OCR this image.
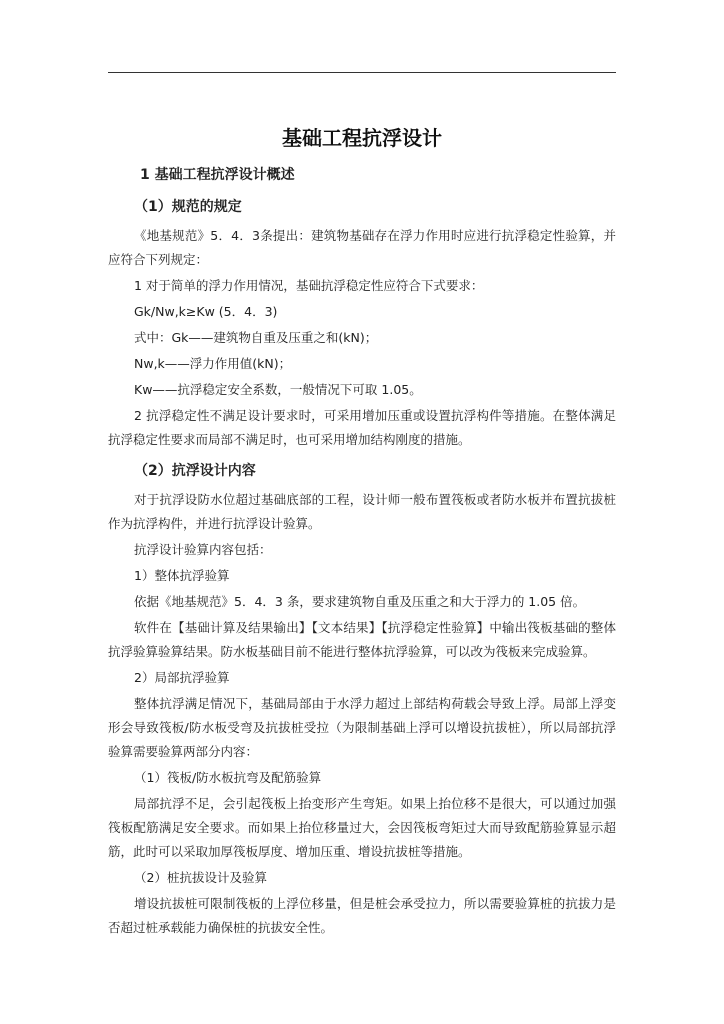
基础工程抗浮设计
1 基础工程抗浮设计概述
（1）规范的规定

《地基规范》5．4．3条提出：建筑物基础存在浮力作用时应进行抗浮稳定性验算，并应符合下列规定：

1 对于简单的浮力作用情况，基础抗浮稳定性应符合下式要求：

Gk/Nw,k≥Kw (5．4．3)

式中：Gk——建筑物自重及压重之和(kN)；

Nw,k——浮力作用值(kN)；

Kw——抗浮稳定安全系数，一般情况下可取 1.05。

2 抗浮稳定性不满足设计要求时，可采用增加压重或设置抗浮构件等措施。在整体满足抗浮稳定性要求而局部不满足时，也可采用增加结构刚度的措施。

（2）抗浮设计内容

对于抗浮设防水位超过基础底部的工程，设计师一般布置筏板或者防水板并布置抗拔桩作为抗浮构件，并进行抗浮设计验算。

抗浮设计验算内容包括：

1）整体抗浮验算

依据《地基规范》5．4．3 条，要求建筑物自重及压重之和大于浮力的 1.05 倍。

软件在【基础计算及结果输出】【文本结果】【抗浮稳定性验算】中输出筏板基础的整体抗浮验算验算结果。防水板基础目前不能进行整体抗浮验算，可以改为筏板来完成验算。

2）局部抗浮验算

整体抗浮满足情况下，基础局部由于水浮力超过上部结构荷载会导致上浮。局部上浮变形会导致筏板/防水板受弯及抗拔桩受拉（为限制基础上浮可以增设抗拔桩），所以局部抗浮验算需要验算两部分内容：

（1）筏板/防水板抗弯及配筋验算

局部抗浮不足，会引起筏板上抬变形产生弯矩。如果上抬位移不是很大，可以通过加强筏板配筋满足安全要求。而如果上抬位移量过大，会因筏板弯矩过大而导致配筋验算显示超筋，此时可以采取加厚筏板厚度、增加压重、增设抗拔桩等措施。

（2）桩抗拔设计及验算

增设抗拔桩可限制筏板的上浮位移量，但是桩会承受拉力，所以需要验算桩的抗拔力是否超过桩承载能力确保桩的抗拔安全性。
